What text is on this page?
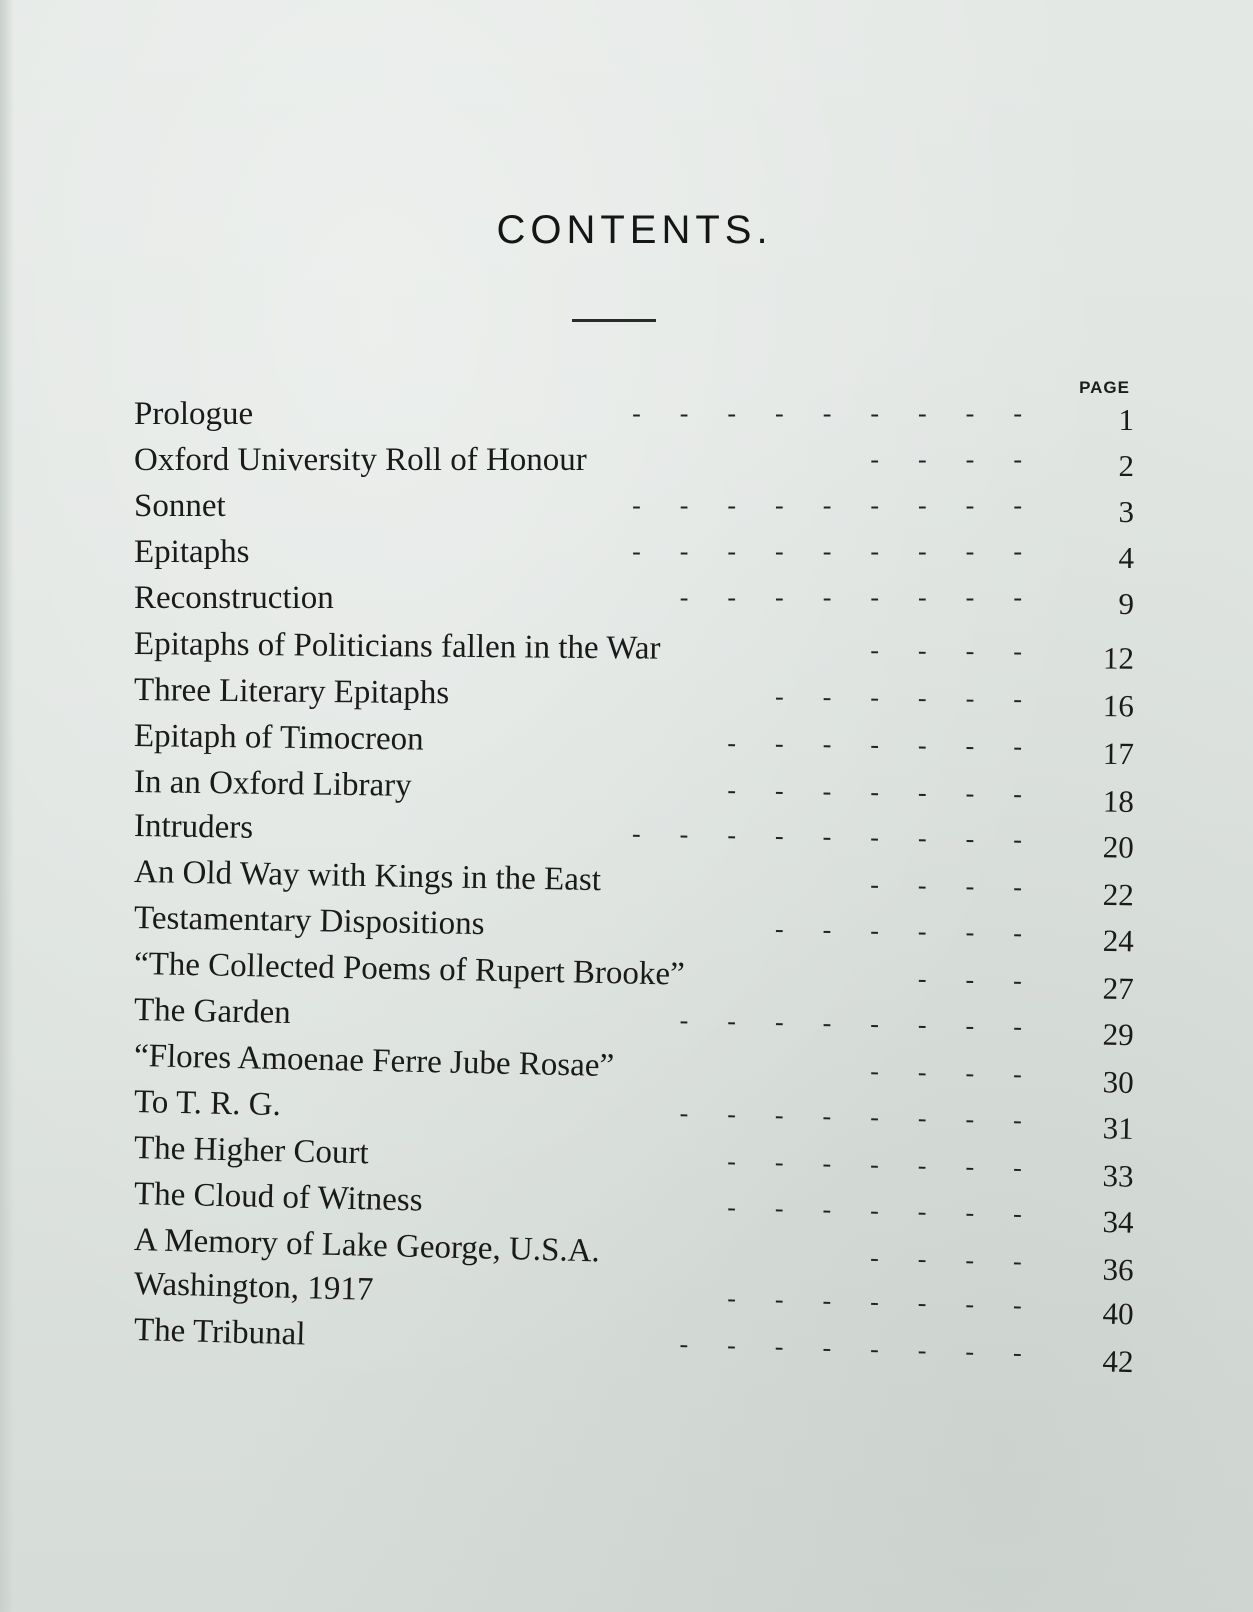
CONTENTS.
PAGE
Prologue	-      -      -      -      -      -      -      -      -	1
Oxford University Roll of Honour	-      -      -      -	2
Sonnet	-      -      -      -      -      -      -      -      -	3
Epitaphs	-      -      -      -      -      -      -      -      -	4
Reconstruction	-      -      -      -      -      -      -      -	9
Epitaphs of Politicians fallen in the War	-      -      -      -	12
Three Literary Epitaphs	-      -      -      -      -      -	16
Epitaph of Timocreon	-      -      -      -      -      -      -	17
In an Oxford Library	-      -      -      -      -      -      -	18
Intruders	-      -      -      -      -      -      -      -      -	20
An Old Way with Kings in the East	-      -      -      -	22
Testamentary Dispositions	-      -      -      -      -      -	24
“The Collected Poems of Rupert Brooke”	-      -      -	27
The Garden	-      -      -      -      -      -      -      -	29
“Flores Amoenae Ferre Jube Rosae”	-      -      -      -	30
To T. R. G.	-      -      -      -      -      -      -      -	31
The Higher Court	-      -      -      -      -      -      -	33
The Cloud of Witness	-      -      -      -      -      -      -	34
A Memory of Lake George, U.S.A.	-      -      -      -	36
Washington, 1917	-      -      -      -      -      -      -	40
The Tribunal	-      -      -      -      -      -      -      -	42
